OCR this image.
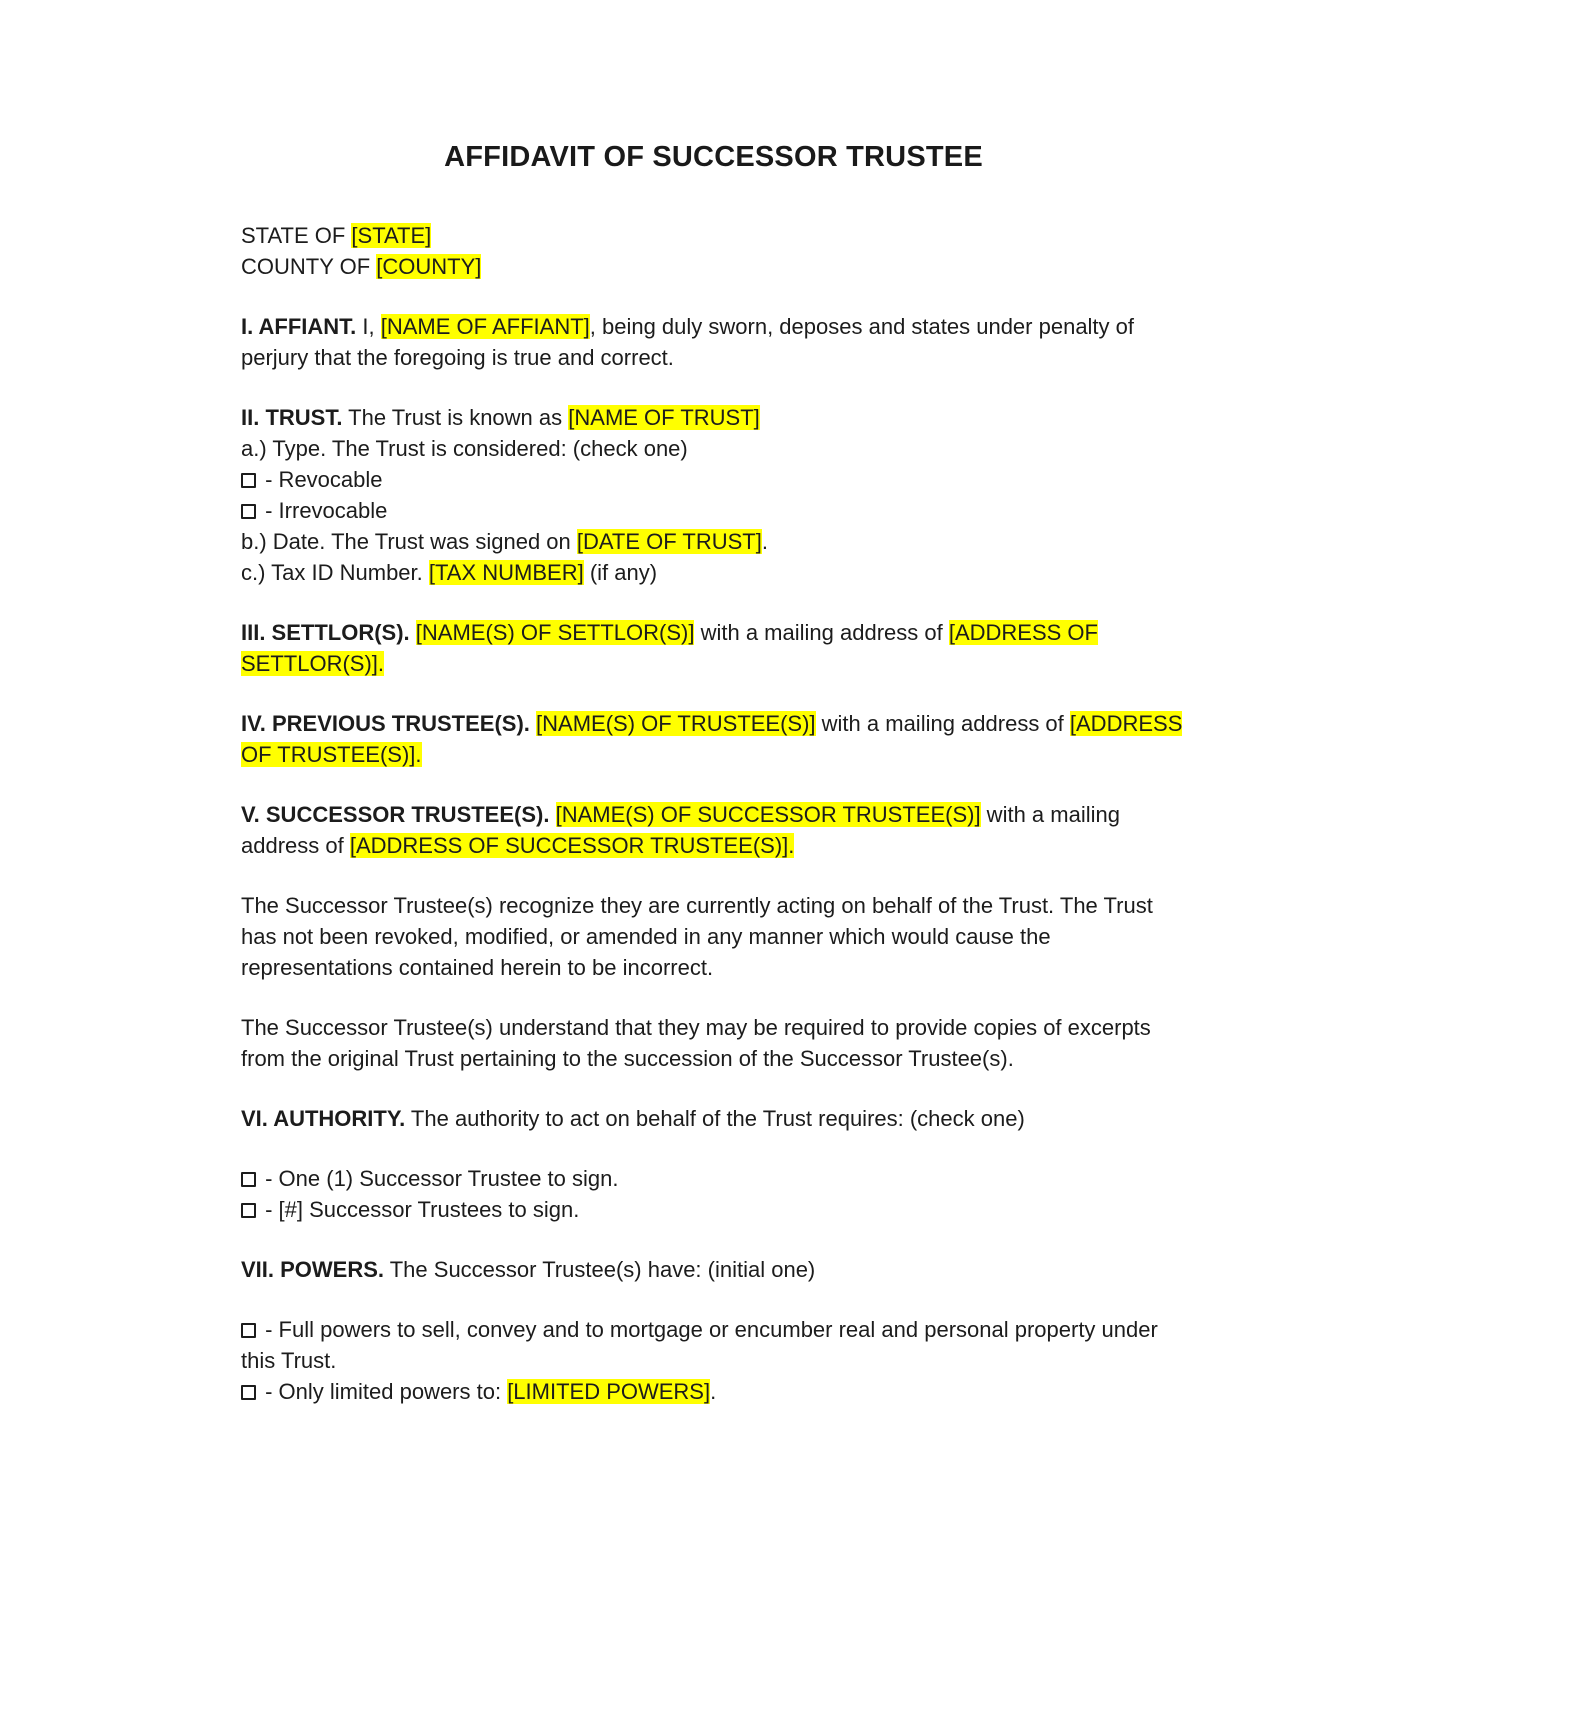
AFFIDAVIT OF SUCCESSOR TRUSTEE
STATE OF [STATE]
COUNTY OF [COUNTY]
I. AFFIANT. I, [NAME OF AFFIANT], being duly sworn, deposes and states under penalty of perjury that the foregoing is true and correct.
II. TRUST. The Trust is known as [NAME OF TRUST]
a.) Type. The Trust is considered: (check one)
- Revocable
- Irrevocable
b.) Date. The Trust was signed on [DATE OF TRUST].
c.) Tax ID Number. [TAX NUMBER] (if any)
III. SETTLOR(S). [NAME(S) OF SETTLOR(S)] with a mailing address of [ADDRESS OF SETTLOR(S)].
IV. PREVIOUS TRUSTEE(S). [NAME(S) OF TRUSTEE(S)] with a mailing address of [ADDRESS OF TRUSTEE(S)].
V. SUCCESSOR TRUSTEE(S). [NAME(S) OF SUCCESSOR TRUSTEE(S)] with a mailing address of [ADDRESS OF SUCCESSOR TRUSTEE(S)].
The Successor Trustee(s) recognize they are currently acting on behalf of the Trust. The Trust has not been revoked, modified, or amended in any manner which would cause the representations contained herein to be incorrect.
The Successor Trustee(s) understand that they may be required to provide copies of excerpts from the original Trust pertaining to the succession of the Successor Trustee(s).
VI. AUTHORITY. The authority to act on behalf of the Trust requires: (check one)
- One (1) Successor Trustee to sign.
- [#] Successor Trustees to sign.
VII. POWERS. The Successor Trustee(s) have: (initial one)
- Full powers to sell, convey and to mortgage or encumber real and personal property under this Trust.
- Only limited powers to: [LIMITED POWERS].
